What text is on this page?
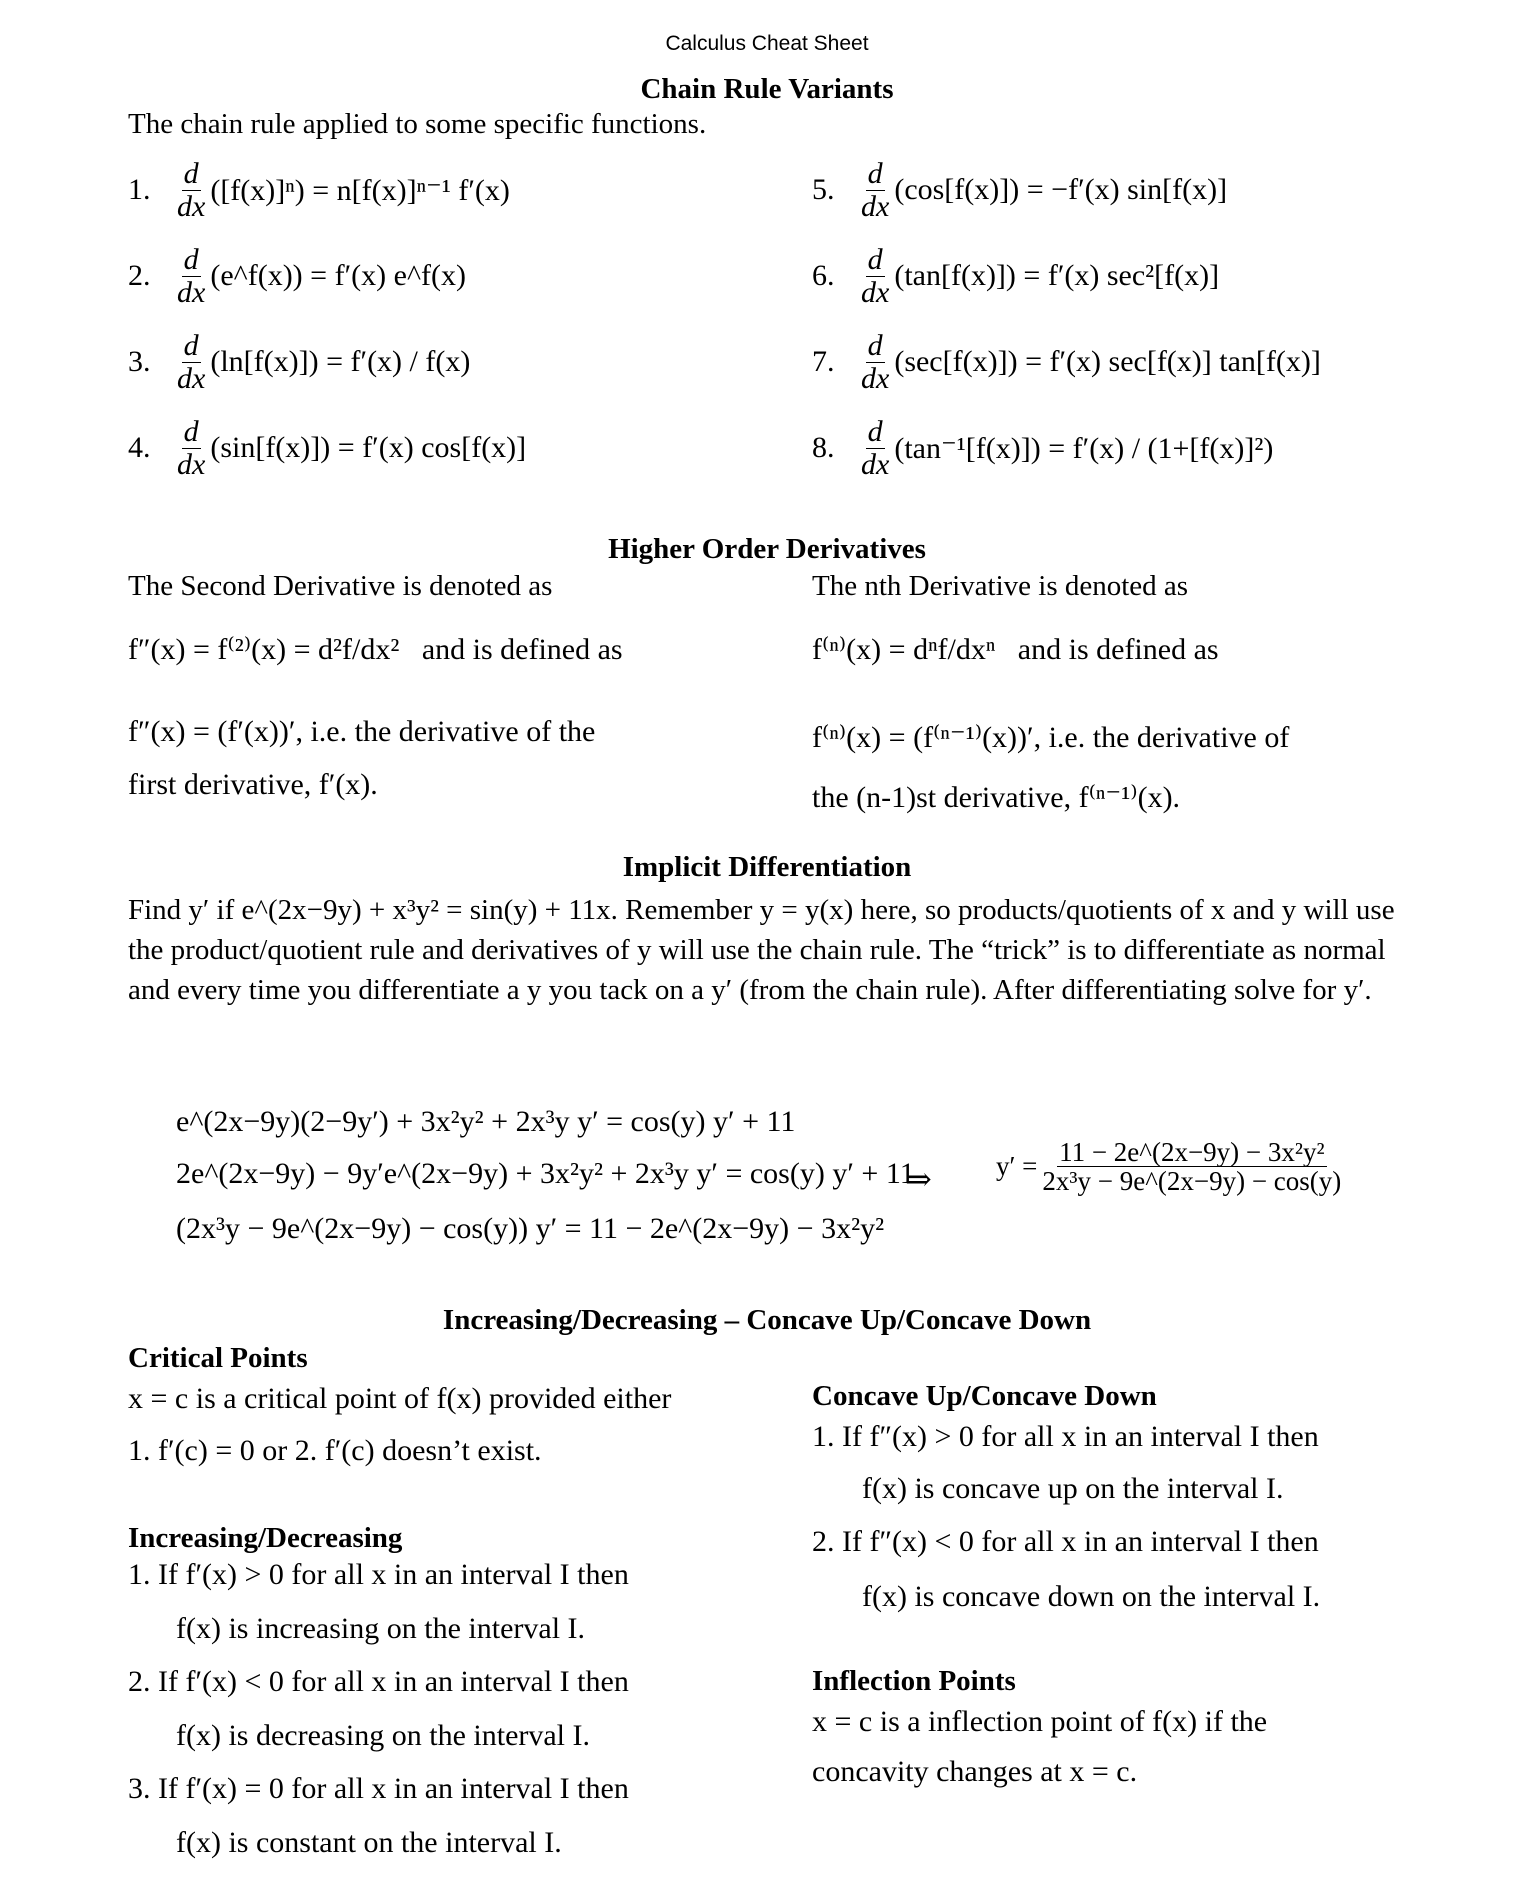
Calculus Cheat Sheet
Chain Rule Variants
The chain rule applied to some specific functions.
1. $\frac{d}{dx} ([f(x)]^n) = n[f(x)]^{n-1}$ f′(x)
2. $\frac{d}{dx}$ (e^f(x)) = f′(x) e^f(x)
3. $\frac{d}{dx} (\ln[f(x)]) = f'(x) / f(x)$
4. $\frac{d}{dx} (\sin[f(x)]) = f'(x)$ cos[f(x)]
5. $\frac{d}{dx} (\cos[f(x)]) = -f'(x)$ sin[f(x)]
6. $\frac{d}{dx} (\tan[f(x)]) = f'(x)$ sec²[f(x)]
7. $\frac{d}{dx} (\sec[f(x)]) = f'(x)$ sec[f(x)] tan[f(x)]
8. $\frac{d}{dx} (\tan^{-1}[f(x)]) = f'(x) / (1+[f(x)]^2)$
Higher Order Derivatives
The Second Derivative is denoted as
f″(x) = f⁽²⁾(x) = d²f/dx² and is defined as
f″(x) = (f′(x))′, i.e. the derivative of the
first derivative, f′(x).
The nth Derivative is denoted as
f⁽ⁿ⁾(x) = dⁿf/dxⁿ and is defined as
f⁽ⁿ⁾(x) = (f⁽ⁿ⁻¹⁾(x))′, i.e. the derivative of
the (n-1)st derivative, f⁽ⁿ⁻¹⁾(x).
Implicit Differentiation
Find y′ if e^(2x−9y) + x³y² = sin(y) + 11x. Remember y = y(x) here, so products/quotients of x and y will use the product/quotient rule and derivatives of y will use the chain rule. The “trick” is to differentiate as normal and every time you differentiate a y you tack on a y′ (from the chain rule). After differentiating solve for y′.
e^(2x−9y)(2−9y′) + 3x²y² + 2x³y y′ = cos(y) y′ + 11
2e^(2x−9y) − 9y′e^(2x−9y) + 3x²y² + 2x³y y′ = cos(y) y′ + 11
(2x³y − 9e^(2x−9y) − cos(y)) y′ = 11 − 2e^(2x−9y) − 3x²y²
⇒ $y' = \frac{\text{11 − 2e\textasciicircum{}(2x−9y) − 3x²y²}}{\text{2x³y − 9e\textasciicircum{}(2x−9y) − cos(y)}}$
Increasing/Decreasing – Concave Up/Concave Down
Critical Points
x = c is a critical point of f(x) provided either
1. f′(c) = 0 or 2. f′(c) doesn’t exist.
Increasing/Decreasing
1. If f′(x) > 0 for all x in an interval I then
f(x) is increasing on the interval I.
2. If f′(x) < 0 for all x in an interval I then
f(x) is decreasing on the interval I.
3. If f′(x) = 0 for all x in an interval I then
f(x) is constant on the interval I.
Concave Up/Concave Down
1. If f″(x) > 0 for all x in an interval I then
f(x) is concave up on the interval I.
2. If f″(x) < 0 for all x in an interval I then
f(x) is concave down on the interval I.
Inflection Points
x = c is a inflection point of f(x) if the
concavity changes at x = c.
